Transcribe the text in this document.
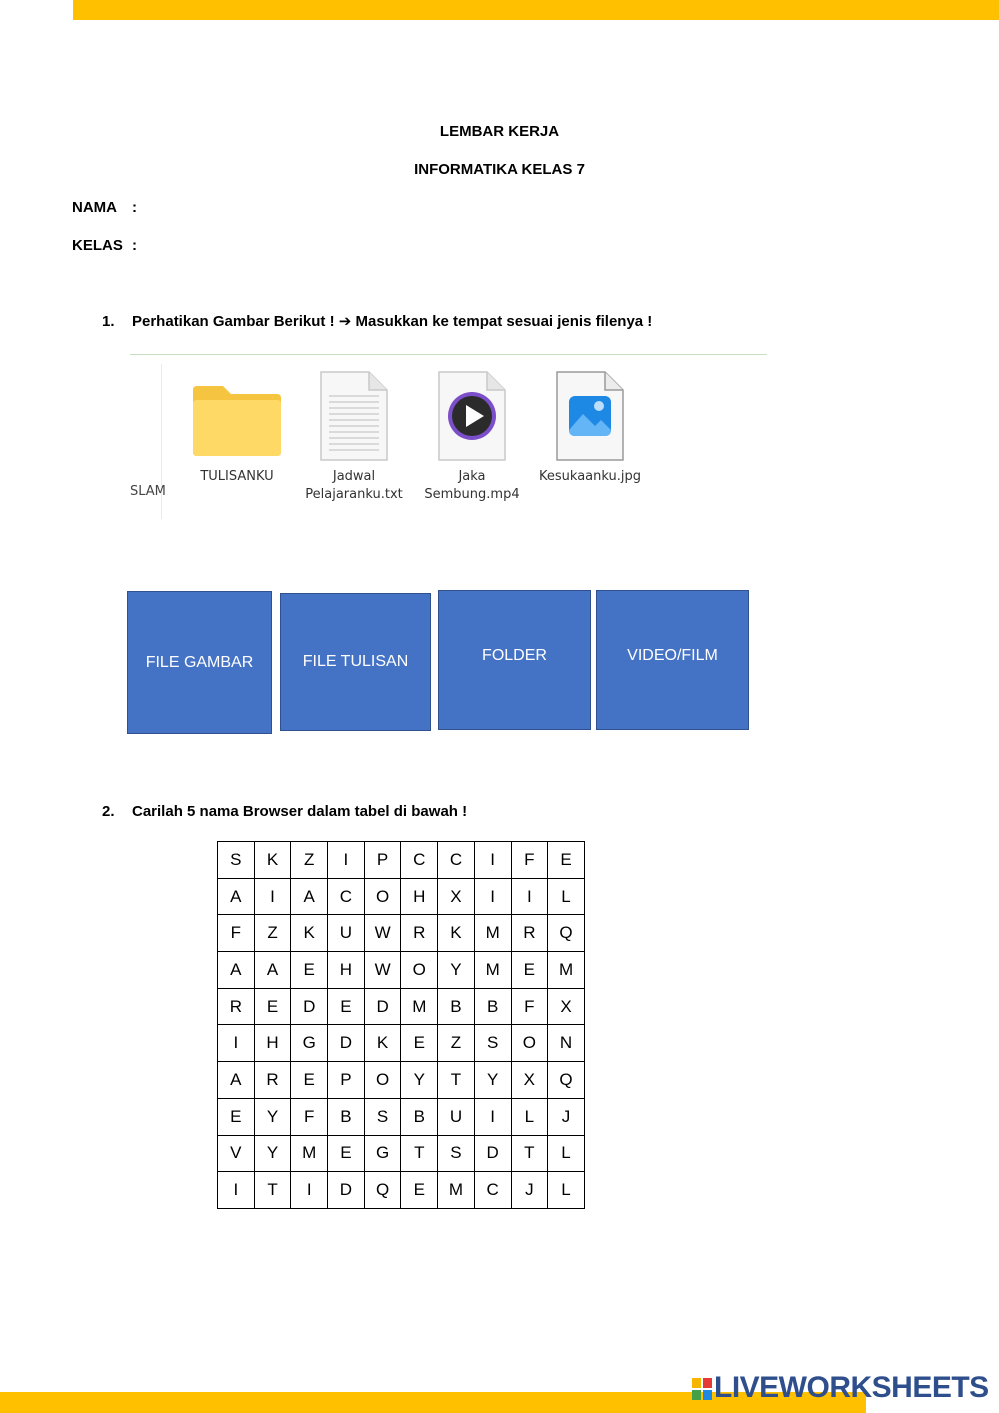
LEMBAR KERJA
INFORMATIKA KELAS 7
NAMA :
KELAS :
1. Perhatikan Gambar Berikut ! ➔ Masukkan ke tempat sesuai jenis filenya !
SLAM
TULISANKU	Jadwal
Pelajaranku.txt
Jaka
Sembung.mp4
Kesukaanku.jpg
FILE GAMBAR	FILE TULISAN	FOLDER	VIDEO/FILM
2. Carilah 5 nama Browser dalam tabel di bawah !
S	K	Z	I	P	C	C	I	F	E
A	I	A	C	O	H	X	I	I	L
F	Z	K	U	W	R	K	M	R	Q
A	A	E	H	W	O	Y	M	E	M
R	E	D	E	D	M	B	B	F	X
I	H	G	D	K	E	Z	S	O	N
A	R	E	P	O	Y	T	Y	X	Q
E	Y	F	B	S	B	U	I	L	J
V	Y	M	E	G	T	S	D	T	L
I	T	I	D	Q	E	M	C	J	L
LIVEWORKSHEETS
